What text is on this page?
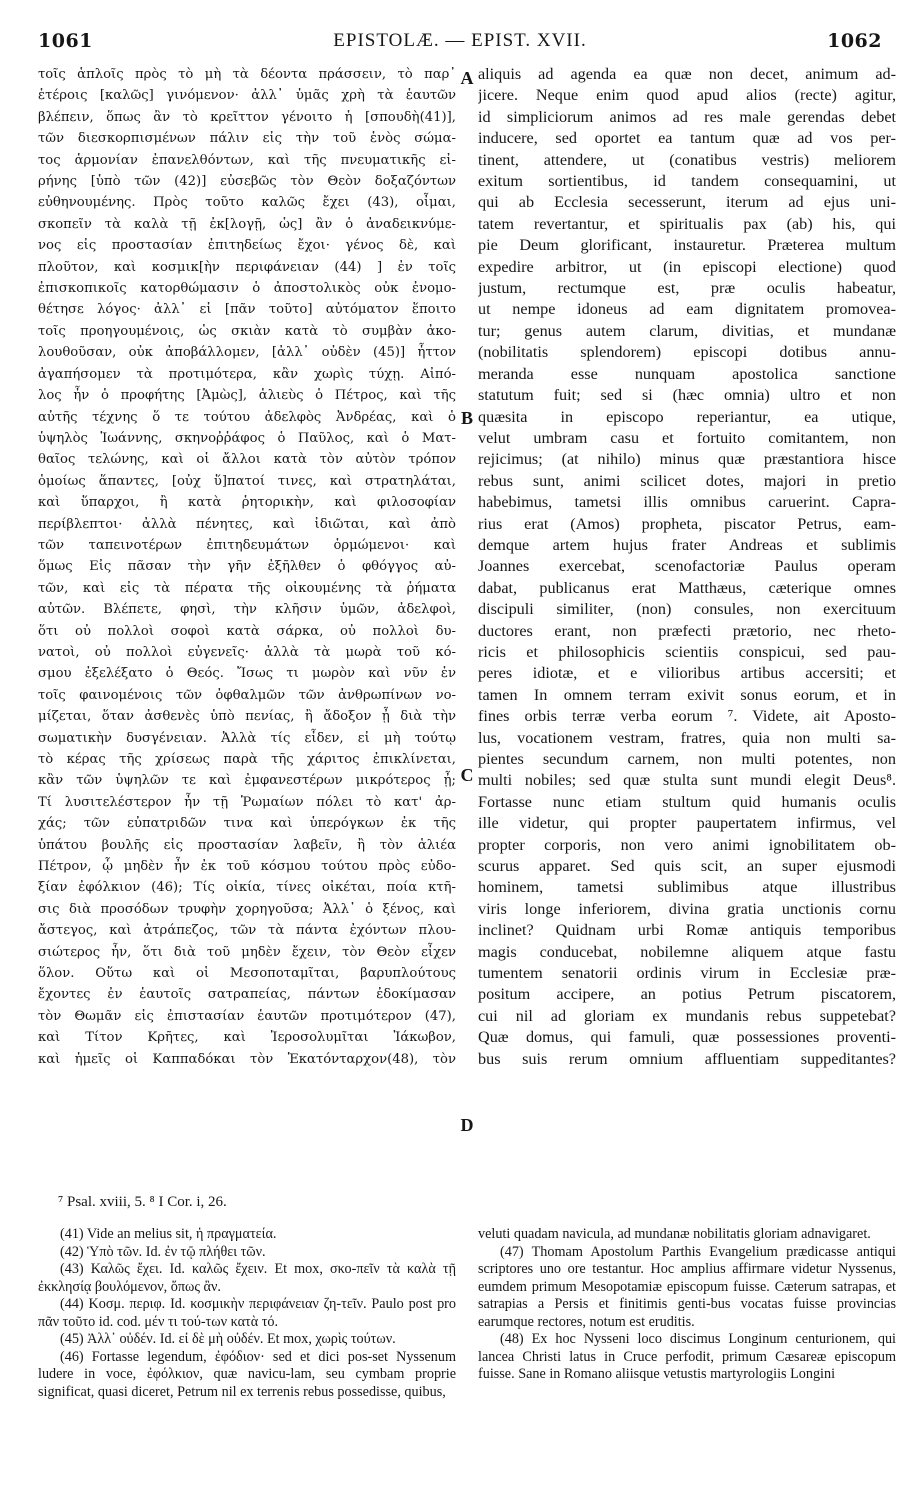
1061	EPISTOLÆ. — EPIST. XVII.	1062
τοῖς ἁπλοῖς πρὸς τὸ μὴ τὰ δέοντα πράσσειν, τὸ παρ᾽
ἑτέροις [καλῶς] γινόμενον· ἀλλ᾽ ὑμᾶς χρὴ τὰ ἑαυτῶν
βλέπειν, ὅπως ἂν τὸ κρεῖττον γένοιτο ἡ [σπουδὴ(41)],
τῶν διεσκορπισμένων πάλιν εἰς τὴν τοῦ ἑνὸς σώμα-
τος ἁρμονίαν ἐπανελθόντων, καὶ τῆς πνευματικῆς εἰ-
ρήνης [ὑπὸ τῶν (42)] εὐσεβῶς τὸν Θεὸν δοξαζόντων
εὐθηνουμένης. Πρὸς τοῦτο καλῶς ἔχει (43), οἶμαι,
σκοπεῖν τὰ καλὰ τῇ ἐκ[λογῇ, ὡς] ἂν ὁ ἀναδεικνύμε-
νος εἰς προστασίαν ἐπιτηδείως ἔχοι· γένος δὲ, καὶ
πλοῦτον, καὶ κοσμικ[ὴν περιφάνειαν (44) ] ἐν τοῖς
ἐπισκοπικοῖς κατορθώμασιν ὁ ἀποστολικὸς οὐκ ἐνομο-
θέτησε λόγος· ἀλλ᾽ εἰ [πᾶν τοῦτο] αὐτόματον ἕποιτο
τοῖς προηγουμένοις, ὡς σκιὰν κατὰ τὸ συμβὰν ἀκο-
λουθοῦσαν, οὐκ ἀποβάλλομεν, [ἀλλ᾽ οὐδὲν (45)] ἧττον
ἀγαπήσομεν τὰ προτιμότερα, κἂν χωρὶς τύχῃ. Αἰπό-
λος ἦν ὁ προφήτης [Ἀμὼς], ἁλιεὺς ὁ Πέτρος, καὶ τῆς
αὐτῆς τέχνης ὅ τε τούτου ἀδελφὸς Ἀνδρέας, καὶ ὁ
ὑψηλὸς Ἰωάννης, σκηνοῤῥάφος ὁ Παῦλος, καὶ ὁ Ματ-
θαῖος τελώνης, καὶ οἱ ἄλλοι κατὰ τὸν αὐτὸν τρόπον
ὁμοίως ἅπαντες, [οὐχ ὕ]πατοί τινες, καὶ στρατηλάται,
καὶ ὕπαρχοι, ἢ κατὰ ῥητορικὴν, καὶ φιλοσοφίαν
περίβλεπτοι· ἀλλὰ πένητες, καὶ ἰδιῶται, καὶ ἀπὸ
τῶν ταπεινοτέρων ἐπιτηδευμάτων ὁρμώμενοι· καὶ
ὅμως Εἰς πᾶσαν τὴν γῆν ἐξῆλθεν ὁ φθόγγος αὐ-
τῶν, καὶ εἰς τὰ πέρατα τῆς οἰκουμένης τὰ ῥήματα
αὐτῶν. Βλέπετε, φησὶ, τὴν κλῆσιν ὑμῶν, ἀδελφοὶ,
ὅτι οὐ πολλοὶ σοφοὶ κατὰ σάρκα, οὐ πολλοὶ δυ-
νατοὶ, οὐ πολλοὶ εὐγενεῖς· ἀλλὰ τὰ μωρὰ τοῦ κό-
σμου ἐξελέξατο ὁ Θεός. Ἴσως τι μωρὸν καὶ νῦν ἐν
τοῖς φαινομένοις τῶν ὀφθαλμῶν τῶν ἀνθρωπίνων νο-
μίζεται, ὅταν ἀσθενὲς ὑπὸ πενίας, ἢ ἄδοξον ᾖ διὰ τὴν
σωματικὴν δυσγένειαν. Ἀλλὰ τίς εἶδεν, εἰ μὴ τούτῳ
τὸ κέρας τῆς χρίσεως παρὰ τῆς χάριτος ἐπικλίνεται,
κἂν τῶν ὑψηλῶν τε καὶ ἐμφανεστέρων μικρότερος ᾖ;
Τί λυσιτελέστερον ἦν τῇ Ῥωμαίων πόλει τὸ κατ' ἀρ-
χάς; τῶν εὐπατριδῶν τινα καὶ ὑπερόγκων ἐκ τῆς
ὑπάτου βουλῆς εἰς προστασίαν λαβεῖν, ἢ τὸν ἁλιέα
Πέτρον, ᾧ μηδὲν ἦν ἐκ τοῦ κόσμου τούτου πρὸς εὐδο-
ξίαν ἐφόλκιον (46); Τίς οἰκία, τίνες οἰκέται, ποία κτῆ-
σις διὰ προσόδων τρυφὴν χορηγοῦσα; Ἀλλ᾽ ὁ ξένος, καὶ
ἄστεγος, καὶ ἀτράπεζος, τῶν τὰ πάντα ἐχόντων πλου-
σιώτερος ἦν, ὅτι διὰ τοῦ μηδὲν ἔχειν, τὸν Θεὸν εἶχεν
ὅλον. Οὕτω καὶ οἱ Μεσοποταμῖται, βαρυπλούτους
ἔχοντες ἐν ἑαυτοῖς σατραπείας, πάντων ἐδοκίμασαν
τὸν Θωμᾶν εἰς ἐπιστασίαν ἑαυτῶν προτιμότερον (47),
καὶ Τίτον Κρῆτες, καὶ Ἱεροσολυμῖται Ἰάκωβον,
καὶ ἡμεῖς οἱ Καππαδόκαι τὸν Ἑκατόνταρχον(48), τὸν
aliquis ad agenda ea quæ non decet, animum ad-
jicere. Neque enim quod apud alios (recte) agitur,
id simpliciorum animos ad res male gerendas debet
inducere, sed oportet ea tantum quæ ad vos per-
tinent, attendere, ut (conatibus vestris) meliorem
exitum sortientibus, id tandem consequamini, ut
qui ab Ecclesia secesserunt, iterum ad ejus uni-
tatem revertantur, et spiritualis pax (ab) his, qui
pie Deum glorificant, instauretur. Præterea multum
expedire arbitror, ut (in episcopi electione) quod
justum, rectumque est, præ oculis habeatur,
ut nempe idoneus ad eam dignitatem promovea-
tur; genus autem clarum, divitias, et mundanæ
(nobilitatis splendorem) episcopi dotibus annu-
meranda esse nunquam apostolica sanctione
statutum fuit; sed si (hæc omnia) ultro et non
quæsita in episcopo reperiantur, ea utique,
velut umbram casu et fortuito comitantem, non
rejicimus; (at nihilo) minus quæ præstantiora hisce
rebus sunt, animi scilicet dotes, majori in pretio
habebimus, tametsi illis omnibus caruerint. Capra-
rius erat (Amos) propheta, piscator Petrus, eam-
demque artem hujus frater Andreas et sublimis
Joannes exercebat, scenofactoriæ Paulus operam
dabat, publicanus erat Matthæus, cæterique omnes
discipuli similiter, (non) consules, non exercituum
ductores erant, non præfecti prætorio, nec rheto-
ricis et philosophicis scientiis conspicui, sed pau-
peres idiotæ, et e vilioribus artibus accersiti; et
tamen In omnem terram exivit sonus eorum, et in
fines orbis terræ verba eorum ⁷. Videte, ait Aposto-
lus, vocationem vestram, fratres, quia non multi sa-
pientes secundum carnem, non multi potentes, non
multi nobiles; sed quæ stulta sunt mundi elegit Deus⁸.
Fortasse nunc etiam stultum quid humanis oculis
ille videtur, qui propter paupertatem infirmus, vel
propter corporis, non vero animi ignobilitatem ob-
scurus apparet. Sed quis scit, an super ejusmodi
hominem, tametsi sublimibus atque illustribus
viris longe inferiorem, divina gratia unctionis cornu
inclinet? Quidnam urbi Romæ antiquis temporibus
magis conducebat, nobilemne aliquem atque fastu
tumentem senatorii ordinis virum in Ecclesiæ præ-
positum accipere, an potius Petrum piscatorem,
cui nil ad gloriam ex mundanis rebus suppetebat?
Quæ domus, qui famuli, quæ possessiones proventi-
bus suis rerum omnium affluentiam suppeditantes?
A
B
C
D
⁷ Psal. xviii, 5. ⁸ I Cor. i, 26.

(41) Vide an melius sit, ἡ πραγματεία.

(42) Ὑπὸ τῶν. Id. ἐν τῷ πλήθει τῶν.

(43) Καλῶς ἔχει. Id. καλῶς ἔχειν. Et mox, σκο-πεῖν τὰ καλὰ τῇ ἐκκλησίᾳ βουλόμενον, ὅπως ἂν.

(44) Κοσμ. περιφ. Id. κοσμικὴν περιφάνειαν ζη-τεῖν. Paulo post pro πᾶν τοῦτο id. cod. μέν τι τού-των κατὰ τό.

(45) Ἀλλ᾽ οὐδέν. Id. εἰ δὲ μὴ οὐδέν. Et mox, χωρὶς τούτων.

(46) Fortasse legendum, ἐφόδιον· sed et dici pos-set Nyssenum ludere in voce, ἐφόλκιον, quæ navicu-lam, seu cymbam proprie significat, quasi diceret, Petrum nil ex terrenis rebus possedisse, quibus,

veluti quadam navicula, ad mundanæ nobilitatis gloriam adnavigaret.

(47) Thomam Apostolum Parthis Evangelium prædicasse antiqui scriptores uno ore testantur. Hoc amplius affirmare videtur Nyssenus, eumdem primum Mesopotamiæ episcopum fuisse. Cæterum satrapas, et satrapias a Persis et finitimis genti-bus vocatas fuisse provincias earumque rectores, notum est eruditis.

(48) Ex hoc Nysseni loco discimus Longinum centurionem, qui lancea Christi latus in Cruce perfodit, primum Cæsareæ episcopum fuisse. Sane in Romano aliisque vetustis martyrologiis Longini
